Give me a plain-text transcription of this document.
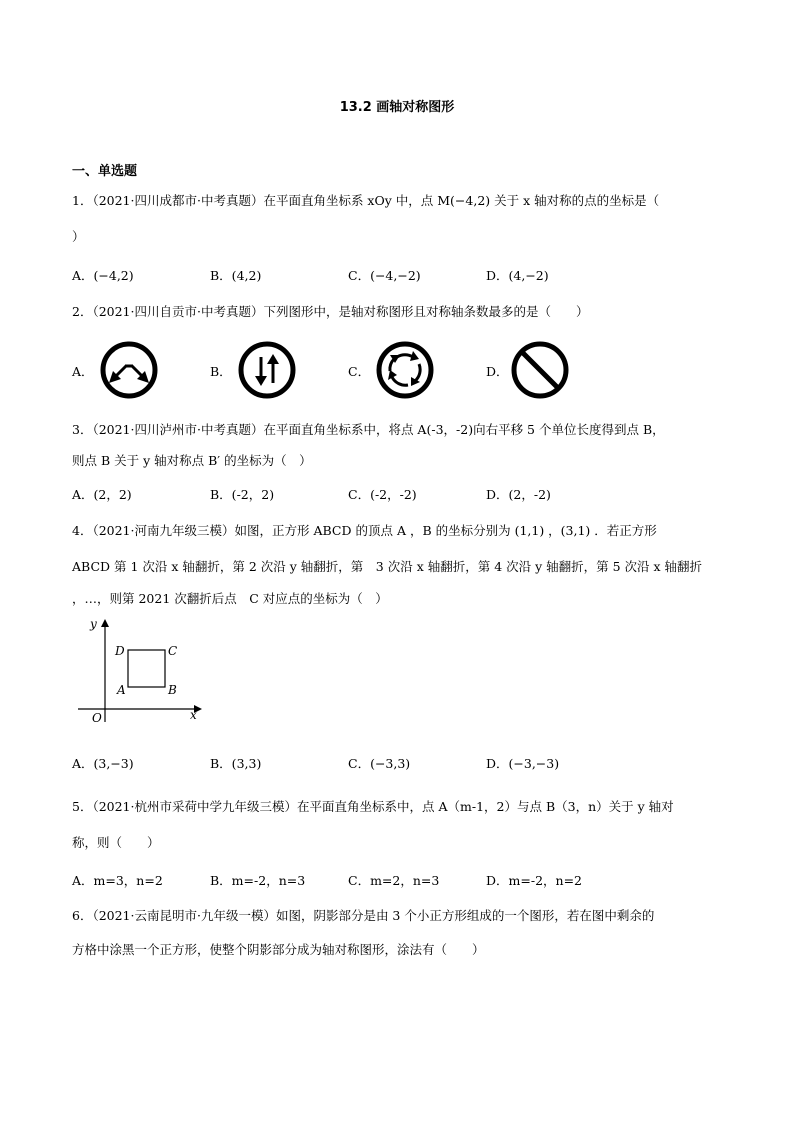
13.2 画轴对称图形
一、单选题
1．（2021·四川成都市·中考真题）在平面直角坐标系 xOy 中，点 M(−4,2) 关于 x 轴对称的点的坐标是（
）
A．(−4,2)	B．(4,2)	C．(−4,−2)	D．(4,−2)
2．（2021·四川自贡市·中考真题）下列图形中，是轴对称图形且对称轴条数最多的是（　　）
A．	B．	C．	D．
3．（2021·四川泸州市·中考真题）在平面直角坐标系中，将点 A(-3，-2)向右平移 5 个单位长度得到点 B，
则点 B 关于 y 轴对称点 B′ 的坐标为（　）
A．(2，2)	B．(-2，2)	C．(-2，-2)	D．(2，-2)
4．（2021·河南九年级三模）如图，正方形 ABCD 的顶点 A ，B 的坐标分别为 (1,1) ，(3,1) ．若正方形
ABCD 第 1 次沿 x 轴翻折，第 2 次沿 y 轴翻折，第　3 次沿 x 轴翻折，第 4 次沿 y 轴翻折，第 5 次沿 x 轴翻折
，…，则第 2021 次翻折后点　C 对应点的坐标为（　）
y
x
O
D	C
A	B
A．(3,−3)	B．(3,3)	C．(−3,3)	D．(−3,−3)
5．（2021·杭州市采荷中学九年级三模）在平面直角坐标系中，点 A（m-1，2）与点 B（3，n）关于 y 轴对
称，则（　　）
A．m=3，n=2	B．m=-2，n=3	C．m=2，n=3	D．m=-2，n=2
6．（2021·云南昆明市·九年级一模）如图，阴影部分是由 3 个小正方形组成的一个图形，若在图中剩余的
方格中涂黑一个正方形，使整个阴影部分成为轴对称图形，涂法有（　　）
